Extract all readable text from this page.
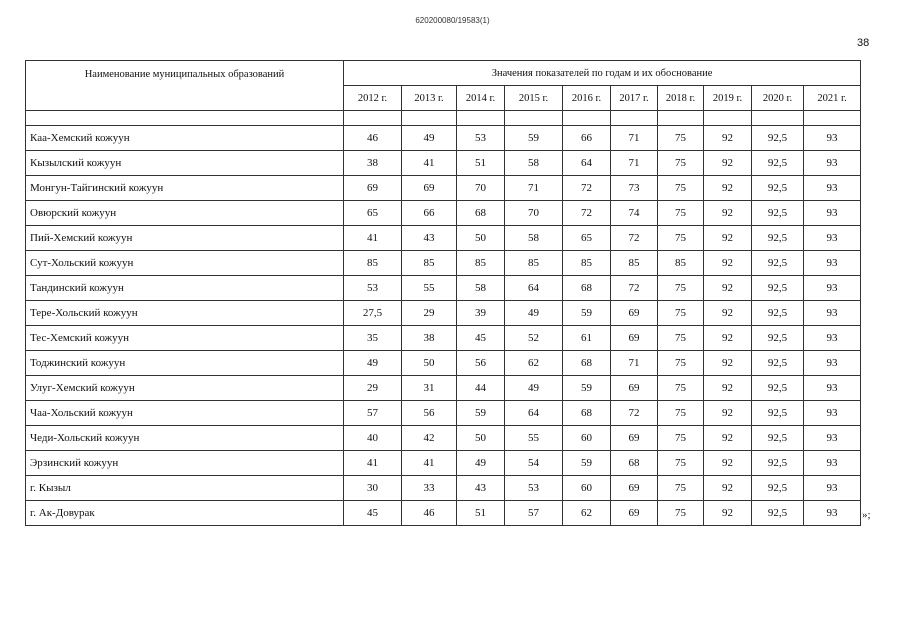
620200080/19583(1)
38
Наименование муниципальных образований	Значения показателей по годам и их обоснование									
	2012 г.	2013 г.	2014 г.	2015 г.	2016 г.	2017 г.	2018 г.	2019 г.	2020 г.	2021 г.

Каа-Хемский кожуун	46	49	53	59	66	71	75	92	92,5	93
Кызылский кожуун	38	41	51	58	64	71	75	92	92,5	93
Монгун-Тайгинский кожуун	69	69	70	71	72	73	75	92	92,5	93
Овюрский кожуун	65	66	68	70	72	74	75	92	92,5	93
Пий-Хемский кожуун	41	43	50	58	65	72	75	92	92,5	93
Сут-Хольский кожуун	85	85	85	85	85	85	85	92	92,5	93
Тандинский кожуун	53	55	58	64	68	72	75	92	92,5	93
Тере-Хольский кожуун	27,5	29	39	49	59	69	75	92	92,5	93
Тес-Хемский кожуун	35	38	45	52	61	69	75	92	92,5	93
Тоджинский кожуун	49	50	56	62	68	71	75	92	92,5	93
Улуг-Хемский кожуун	29	31	44	49	59	69	75	92	92,5	93
Чаа-Хольский кожуун	57	56	59	64	68	72	75	92	92,5	93
Чеди-Хольский кожуун	40	42	50	55	60	69	75	92	92,5	93
Эрзинский кожуун	41	41	49	54	59	68	75	92	92,5	93
г. Кызыл	30	33	43	53	60	69	75	92	92,5	93
г. Ак-Довурак	45	46	51	57	62	69	75	92	92,5	93 »;
